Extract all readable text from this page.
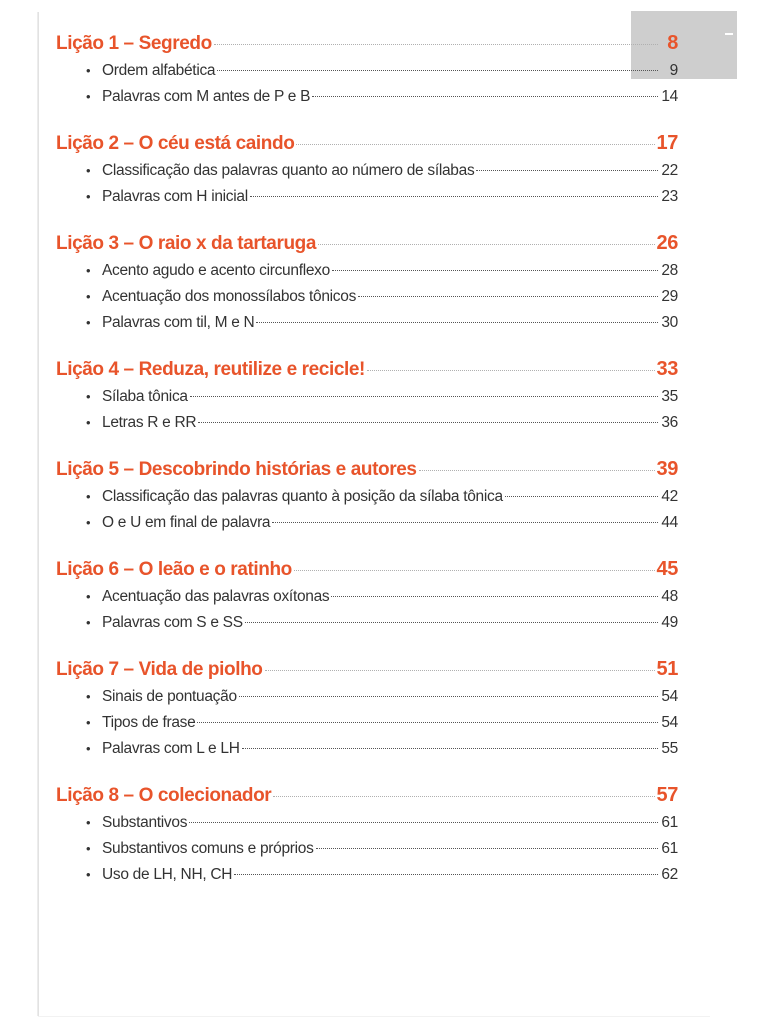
Lição 1 – Segredo	8
• Ordem alfabética	9
• Palavras com M antes de P e B	14
Lição 2 – O céu está caindo	17
• Classificação das palavras quanto ao número de sílabas	22
• Palavras com H inicial	23
Lição 3 – O raio x da tartaruga	26
• Acento agudo e acento circunflexo	28
• Acentuação dos monossílabos tônicos	29
• Palavras com til, M e N	30
Lição 4 – Reduza, reutilize e recicle!	33
• Sílaba tônica	35
• Letras R e RR	36
Lição 5 – Descobrindo histórias e autores	39
• Classificação das palavras quanto à posição da sílaba tônica	42
• O e U em final de palavra	44
Lição 6 – O leão e o ratinho	45
• Acentuação das palavras oxítonas	48
• Palavras com S e SS	49
Lição 7 – Vida de piolho	51
• Sinais de pontuação	54
• Tipos de frase	54
• Palavras com L e LH	55
Lição 8 – O colecionador	57
• Substantivos	61
• Substantivos comuns e próprios	61
• Uso de LH, NH, CH	62
